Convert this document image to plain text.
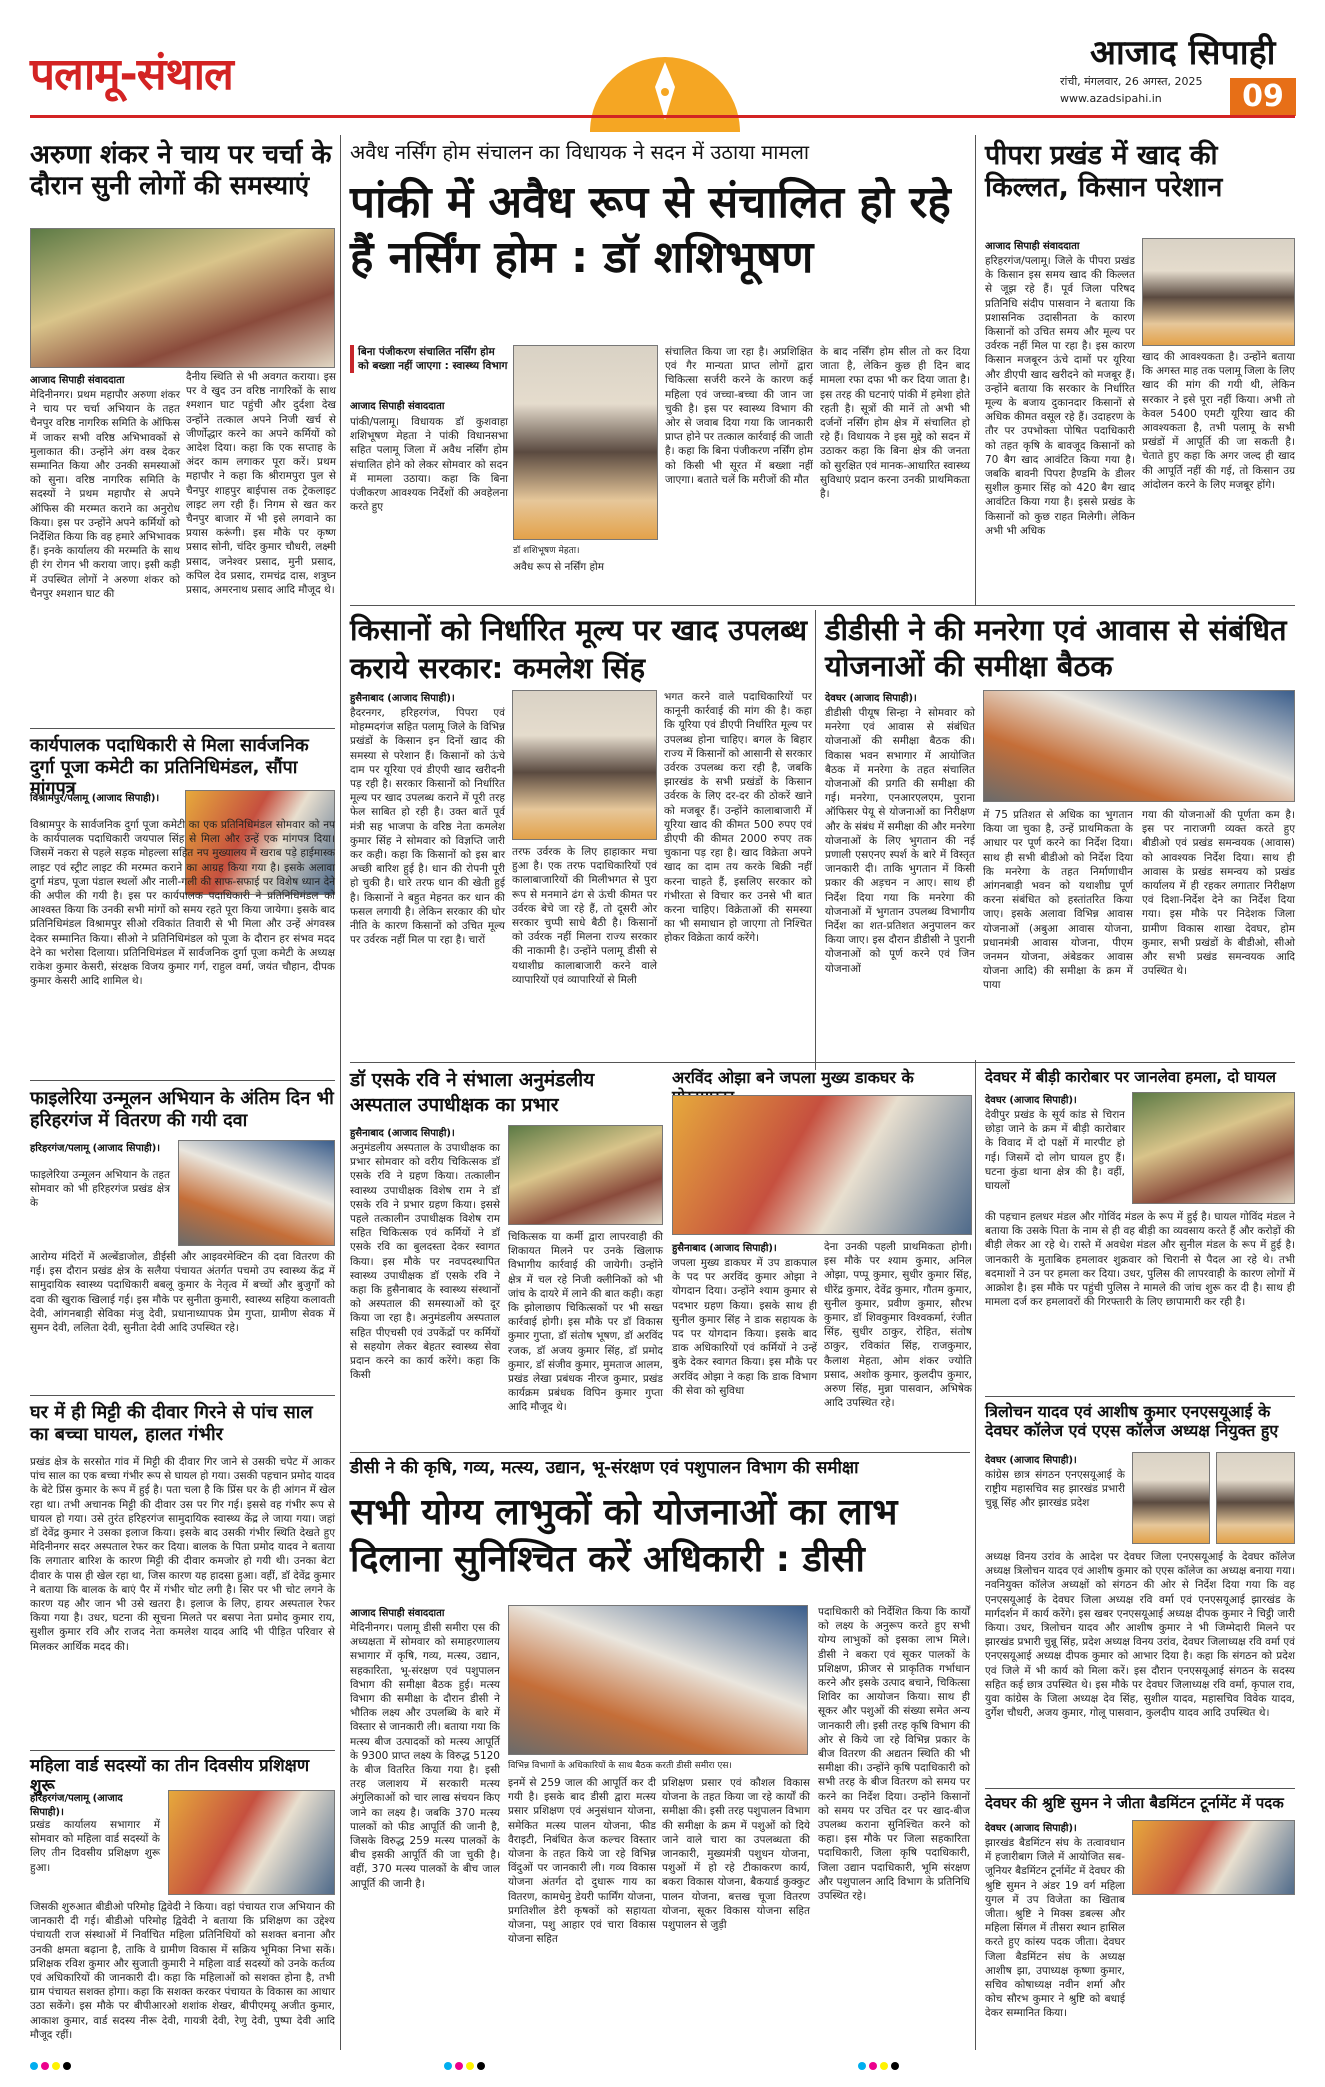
पलामू-संथाल	आजाद सिपाही
रांची, मंगलवार, 26 अगस्त, 2025
www.azadsipahi.in	09
अरुणा शंकर ने चाय पर चर्चा के दौरान सुनी लोगों की समस्याएं
आजाद सिपाही संवाददाता
मेदिनीनगर। प्रथम महापौर अरुणा शंकर ने चाय पर चर्चा अभियान के तहत चैनपुर वरिष्ठ नागरिक समिति के ऑफिस में जाकर सभी वरिष्ठ अभिभावकों से मुलाकात की। उन्होंने अंग वस्त्र देकर सम्मानित किया और उनकी समस्याओं को सुना। वरिष्ठ नागरिक समिति के सदस्यों ने प्रथम महापौर से अपने ऑफिस की मरम्मत कराने का अनुरोध किया। इस पर उन्होंने अपने कर्मियों को निर्देशित किया कि वह हमारे अभिभावक हैं। इनके कार्यालय की मरम्मति के साथ ही रंग रोगन भी कराया जाए। इसी कड़ी में उपस्थित लोगों ने अरुणा शंकर को चैनपुर श्मशान घाट की
दैनीय स्थिति से भी अवगत कराया। इस पर वे खुद उन वरिष्ठ नागरिकों के साथ श्मशान घाट पहुंची और दुर्दशा देख उन्होंने तत्काल अपने निजी खर्च से जीर्णोद्धार करने का अपने कर्मियों को आदेश दिया। कहा कि एक सप्ताह के अंदर काम लगाकर पूरा करें। प्रथम महापौर ने कहा कि श्रीरामपुरा पुल से चैनपुर शाहपुर बाईपास तक ट्रेकलाइट लाइट लग रही हैं। निगम से खत कर चैनपुर बाजार में भी इसे लगवाने का प्रयास करूंगी। इस मौके पर कृष्ण प्रसाद सोनी, चंदिर कुमार चौधरी, लक्ष्मी प्रसाद, जनेश्वर प्रसाद, मुनी प्रसाद, कपिल देव प्रसाद, रामचंद्र दास, शत्रुघ्न प्रसाद, अमरनाथ प्रसाद आदि मौजूद थे।
कार्यपालक पदाधिकारी से मिला सार्वजनिक दुर्गा पूजा कमेटी का प्रतिनिधिमंडल, सौंपा मांगपत्र
विश्रामपुर/पलामू (आजाद सिपाही)।
विश्रामपुर के सार्वजनिक दुर्गा पूजा कमेटी का एक प्रतिनिधिमंडल सोमवार को नप के कार्यपालक पदाधिकारी जयपाल सिंह से मिला और उन्हें एक मांगपत्र दिया। जिसमें नकरा से पहले सड़क मोहल्ला सहित नप मुख्यालय में खराब पड़े हाईमास्क लाइट एवं स्ट्रीट लाइट की मरम्मत कराने का आग्रह किया गया है। इसके अलावा दुर्गा मंडप, पूजा पंडाल स्थलों और नाली-गली की साफ-सफाई पर विशेष ध्यान देने की अपील की गयी है। इस पर कार्यपालक पदाधिकारी ने प्रतिनिधिमंडल को आश्वस्त किया कि उनकी सभी मांगों को समय रहते पूरा किया जायेगा। इसके बाद प्रतिनिधिमंडल विश्रामपुर सीओ रविकांत तिवारी से भी मिला और उन्हें अंगवस्त्र देकर सम्मानित किया। सीओ ने प्रतिनिधिमंडल को पूजा के दौरान हर संभव मदद देने का भरोसा दिलाया। प्रतिनिधिमंडल में सार्वजनिक दुर्गा पूजा कमेटी के अध्यक्ष राकेश कुमार केसरी, संरक्षक विजय कुमार गर्ग, राहुल वर्मा, जयंत चौहान, दीपक कुमार केसरी आदि शामिल थे।
फाइलेरिया उन्मूलन अभियान के अंतिम दिन भी हरिहरगंज में वितरण की गयी दवा
हरिहरगंज/पलामू (आजाद सिपाही)।
फाइलेरिया उन्मूलन अभियान के तहत सोमवार को भी हरिहरगंज प्रखंड क्षेत्र के
आरोग्य मंदिरों में अल्बेंडाजोल, डीईसी और आइवरमेक्टिन की दवा वितरण की गई। इस दौरान प्रखंड क्षेत्र के सलैया पंचायत अंतर्गत पचमो उप स्वास्थ्य केंद्र में सामुदायिक स्वास्थ्य पदाधिकारी बबलू कुमार के नेतृत्व में बच्चों और बुजुर्गों को दवा की खुराक खिलाई गई। इस मौके पर सुनीता कुमारी, स्वास्थ्य सहिया कलावती देवी, आंगनबाड़ी सेविका मंजु देवी, प्रधानाध्यापक प्रेम गुप्ता, ग्रामीण सेवक में सुमन देवी, ललिता देवी, सुनीता देवी आदि उपस्थित रहे।
घर में ही मिट्टी की दीवार गिरने से पांच साल का बच्चा घायल, हालत गंभीर
प्रखंड क्षेत्र के सरसोत गांव में मिट्टी की दीवार गिर जाने से उसकी चपेट में आकर पांच साल का एक बच्चा गंभीर रूप से घायल हो गया। उसकी पहचान प्रमोद यादव के बेटे प्रिंस कुमार के रूप में हुई है। पता चला है कि प्रिंस घर के ही आंगन में खेल रहा था। तभी अचानक मिट्टी की दीवार उस पर गिर गई। इससे वह गंभीर रूप से घायल हो गया। उसे तुरंत हरिहरगंज सामुदायिक स्वास्थ्य केंद्र ले जाया गया। जहां डॉ देवेंद्र कुमार ने उसका इलाज किया। इसके बाद उसकी गंभीर स्थिति देखते हुए मेदिनीनगर सदर अस्पताल रेफर कर दिया। बालक के पिता प्रमोद यादव ने बताया कि लगातार बारिश के कारण मिट्टी की दीवार कमजोर हो गयी थी। उनका बेटा दीवार के पास ही खेल रहा था, जिस कारण यह हादसा हुआ। वहीं, डॉ देवेंद्र कुमार ने बताया कि बालक के बाएं पैर में गंभीर चोट लगी है। सिर पर भी चोट लगने के कारण यह और जान भी उसे खतरा है। इलाज के लिए, हायर अस्पताल रेफर किया गया है। उधर, घटना की सूचना मिलते पर बसपा नेता प्रमोद कुमार राय, सुशील कुमार रवि और राजद नेता कमलेश यादव आदि भी पीड़ित परिवार से मिलकर आर्थिक मदद की।
महिला वार्ड सदस्यों का तीन दिवसीय प्रशिक्षण शुरू
हरिहरगंज/पलामू (आजाद सिपाही)।
प्रखंड कार्यालय सभागार में सोमवार को महिला वार्ड सदस्यों के लिए तीन दिवसीय प्रशिक्षण शुरू हुआ।
जिसकी शुरुआत बीडीओ परिमोह द्विवेदी ने किया। वहां पंचायत राज अभियान की जानकारी दी गई। बीडीओ परिमोह द्विवेदी ने बताया कि प्रशिक्षण का उद्देश्य पंचायती राज संस्थाओं में निर्वाचित महिला प्रतिनिधियों को सशक्त बनाना और उनकी क्षमता बढ़ाना है, ताकि वे ग्रामीण विकास में सक्रिय भूमिका निभा सकें। प्रशिक्षक रविश कुमार और सुजाती कुमारी ने महिला वार्ड सदस्यों को उनके कर्तव्य एवं अधिकारियों की जानकारी दी। कहा कि महिलाओं को सशक्त होना है, तभी ग्राम पंचायत सशक्त होगा। कहा कि सशक्त करकर पंचायत के विकास का आधार उठा सकेंगे। इस मौके पर बीपीआरओ शशांक शेखर, बीपीएमयू अजीत कुमार, आकाश कुमार, वार्ड सदस्य नीरू देवी, गायत्री देवी, रेणु देवी, पुष्पा देवी आदि मौजूद रहीं।
अवैध नर्सिंग होम संचालन का विधायक ने सदन में उठाया मामला
पांकी में अवैध रूप से संचालित हो रहे हैं नर्सिंग होम : डॉ शशिभूषण
बिना पंजीकरण संचालित नर्सिंग होम को बख्शा नहीं जाएगा : स्वास्थ्य विभाग
आजाद सिपाही संवाददाता
पांकी/पलामू। विधायक डॉ कुशवाहा शशिभूषण मेहता ने पांकी विधानसभा सहित पलामू जिला में अवैध नर्सिंग होम संचालित होने को लेकर सोमवार को सदन में मामला उठाया। कहा कि बिना पंजीकरण आवश्यक निर्देशों की अवहेलना करते हुए
डॉ शशिभूषण मेहता।
अवैध रूप से नर्सिंग होम
संचालित किया जा रहा है। अप्रशिक्षित एवं गैर मान्यता प्राप्त लोगों द्वारा चिकित्सा सर्जरी करने के कारण कई महिला एवं जच्चा-बच्चा की जान जा चुकी है। इस पर स्वास्थ्य विभाग की ओर से जवाब दिया गया कि जानकारी प्राप्त होने पर तत्काल कार्रवाई की जाती है। कहा कि बिना पंजीकरण नर्सिंग होम को किसी भी सूरत में बख्शा नहीं जाएगा। बताते चलें कि मरीजों की मौत
के बाद नर्सिंग होम सील तो कर दिया जाता है, लेकिन कुछ ही दिन बाद मामला रफा दफा भी कर दिया जाता है। इस तरह की घटनाएं पांकी में हमेशा होते रहती है। सूत्रों की मानें तो अभी भी दर्जनों नर्सिंग होम क्षेत्र में संचालित हो रहे हैं। विधायक ने इस मुद्दे को सदन में उठाकर कहा कि बिना क्षेत्र की जनता को सुरक्षित एवं मानक-आधारित स्वास्थ्य सुविधाएं प्रदान करना उनकी प्राथमिकता है।
पीपरा प्रखंड में खाद की किल्लत, किसान परेशान
आजाद सिपाही संवाददाता
हरिहरगंज/पलामू। जिले के पीपरा प्रखंड के किसान इस समय खाद की किल्लत से जूझ रहे हैं। पूर्व जिला परिषद प्रतिनिधि संदीप पासवान ने बताया कि प्रशासनिक उदासीनता के कारण किसानों को उचित समय और मूल्य पर उर्वरक नहीं मिल पा रहा है। इस कारण किसान मजबूरन ऊंचे दामों पर यूरिया और डीएपी खाद खरीदने को मजबूर हैं। उन्होंने बताया कि सरकार के निर्धारित मूल्य के बजाय दुकानदार किसानों से अधिक कीमत वसूल रहे हैं। उदाहरण के तौर पर उपभोक्ता पोषित पदाधिकारी को तहत कृषि के बावजूद किसानों को 70 बैग खाद आवंटित किया गया है। जबकि बावनी पिपरा हैण्डमि के डीलर सुशील कुमार सिंह को 420 बैग खाद आवंटित किया गया है। इससे प्रखंड के किसानों को कुछ राहत मिलेगी। लेकिन अभी भी अधिक
खाद की आवश्यकता है। उन्होंने बताया कि अगस्त माह तक पलामू जिला के लिए खाद की मांग की गयी थी, लेकिन सरकार ने इसे पूरा नहीं किया। अभी तो केवल 5400 एमटी यूरिया खाद की आवश्यकता है, तभी पलामू के सभी प्रखंडों में आपूर्ति की जा सकती है। चेताते हुए कहा कि अगर जल्द ही खाद की आपूर्ति नहीं की गई, तो किसान उग्र आंदोलन करने के लिए मजबूर होंगे।
किसानों को निर्धारित मूल्य पर खाद उपलब्ध कराये सरकार: कमलेश सिंह
हुसैनाबाद (आजाद सिपाही)।
हैदरनगर, हरिहरगंज, पिपरा एवं मोहम्मदगंज सहित पलामू जिले के विभिन्न प्रखंडों के किसान इन दिनों खाद की समस्या से परेशान हैं। किसानों को ऊंचे दाम पर यूरिया एवं डीएपी खाद खरीदनी पड़ रही है। सरकार किसानों को निर्धारित मूल्य पर खाद उपलब्ध कराने में पूरी तरह फेल साबित हो रही है। उक्त बातें पूर्व मंत्री सह भाजपा के वरिष्ठ नेता कमलेश कुमार सिंह ने सोमवार को विज्ञप्ति जारी कर कही। कहा कि किसानों को इस बार अच्छी बारिश हुई है। धान की रोपनी पूरी हो चुकी है। धारे तरफ धान की खेती हुई है। किसानों ने बहुत मेहनत कर धान की फसल लगायी है। लेकिन सरकार की घोर नीति के कारण किसानों को उचित मूल्य पर उर्वरक नहीं मिल पा रहा है। चारों
तरफ उर्वरक के लिए हाहाकार मचा हुआ है। एक तरफ पदाधिकारियों एवं कालाबाजारियों की मिलीभगत से पुरा रूप से मनमाने ढंग से ऊंची कीमत पर उर्वरक बेचे जा रहे हैं, तो दूसरी ओर सरकार चुप्पी साधे बैठी है। किसानों को उर्वरक नहीं मिलना राज्य सरकार की नाकामी है। उन्होंने पलामू डीसी से यथाशीघ्र कालाबाजारी करने वाले व्यापारियों एवं व्यापारियों से मिली
भगत करने वाले पदाधिकारियों पर कानूनी कार्रवाई की मांग की है। कहा कि यूरिया एवं डीएपी निर्धारित मूल्य पर उपलब्ध होना चाहिए। बगल के बिहार राज्य में किसानों को आसानी से सरकार उर्वरक उपलब्ध करा रही है, जबकि झारखंड के सभी प्रखंडों के किसान उर्वरक के लिए दर-दर की ठोकरें खाने को मजबूर हैं। उन्होंने कालाबाजारी में यूरिया खाद की कीमत 500 रुपए एवं डीएपी की कीमत 2000 रुपए तक चुकाना पड़ रहा है। खाद विक्रेता अपने खाद का दाम तय करके बिक्री नहीं करना चाहते हैं, इसलिए सरकार को गंभीरता से विचार कर उनसे भी बात करना चाहिए। विक्रेताओं की समस्या का भी समाधान हो जाएगा तो निश्चित होकर विक्रेता कार्य करेंगे।
डीडीसी ने की मनरेगा एवं आवास से संबंधित योजनाओं की समीक्षा बैठक
देवघर (आजाद सिपाही)।
डीडीसी पीयूष सिन्हा ने सोमवार को मनरेगा एवं आवास से संबंधित योजनाओं की समीक्षा बैठक की। विकास भवन सभागार में आयोजित बैठक में मनरेगा के तहत संचालित योजनाओं की प्रगति की समीक्षा की गई। मनरेगा, एनआरएलएम, पुराना ऑफिसर पेयू से योजनाओं का निरीक्षण और के संबंध में समीक्षा की और मनरेगा योजनाओं के लिए भुगतान की नई प्रणाली एसएनए स्पर्श के बारे में विस्तृत जानकारी दी। ताकि भुगतान में किसी प्रकार की अड़चन न आए। साथ ही निर्देश दिया गया कि मनरेगा की योजनाओं में भुगतान उपलब्ध विभागीय निर्देश का शत-प्रतिशत अनुपालन कर किया जाए। इस दौरान डीडीसी ने पुरानी योजनाओं को पूर्ण करने एवं जिन योजनाओं
में 75 प्रतिशत से अधिक का भुगतान किया जा चुका है, उन्हें प्राथमिकता के आधार पर पूर्ण करने का निर्देश दिया। साथ ही सभी बीडीओ को निर्देश दिया कि मनरेगा के तहत निर्माणाधीन आंगनबाड़ी भवन को यथाशीघ्र पूर्ण करना संबंधित को हस्तांतरित किया जाए। इसके अलावा विभिन्न आवास योजनाओं (अबुआ आवास योजना, प्रधानमंत्री आवास योजना, पीएम जनमन योजना, अंबेडकर आवास योजना आदि) की समीक्षा के क्रम में पाया
गया की योजनाओं की पूर्णता कम है। इस पर नाराजगी व्यक्त करते हुए बीडीओ एवं प्रखंड समन्वयक (आवास) को आवश्यक निर्देश दिया। साथ ही आवास के प्रखंड समन्वय को प्रखंड कार्यालय में ही रहकर लगातार निरीक्षण एवं दिशा-निर्देश देने का निर्देश दिया गया। इस मौके पर निदेशक जिला ग्रामीण विकास शाखा देवघर, होम कुमार, सभी प्रखंडों के बीडीओ, सीओ और सभी प्रखंड समन्वयक आदि उपस्थित थे।
डॉ एसके रवि ने संभाला अनुमंडलीय अस्पताल उपाधीक्षक का प्रभार
हुसैनाबाद (आजाद सिपाही)।
अनुमंडलीय अस्पताल के उपाधीक्षक का प्रभार सोमवार को वरीय चिकित्सक डॉ एसके रवि ने ग्रहण किया। तत्कालीन स्वास्थ्य उपाधीक्षक विशेष राम ने डॉ एसके रवि ने प्रभार ग्रहण किया। इससे पहले तत्कालीन उपाधीक्षक विशेष राम सहित चिकित्सक एवं कर्मियों ने डॉ एसके रवि का बुलदस्ता देकर स्वागत किया। इस मौके पर नवपदस्थापित स्वास्थ्य उपाधीक्षक डॉ एसके रवि ने कहा कि हुसैनाबाद के स्वास्थ्य संस्थानों को अस्पताल की समस्याओं को दूर किया जा रहा है। अनुमंडलीय अस्पताल सहित पीएचसी एवं उपकेंद्रों पर कर्मियों से सहयोग लेकर बेहतर स्वास्थ्य सेवा प्रदान करने का कार्य करेंगे। कहा कि किसी
चिकित्सक या कर्मी द्वारा लापरवाही की शिकायत मिलने पर उनके खिलाफ विभागीय कार्रवाई की जायेगी। उन्होंने क्षेत्र में चल रहे निजी क्लीनिकों को भी जांच के दायरे में लाने की बात कही। कहा कि झोलाछाप चिकित्सकों पर भी सख्त कार्रवाई होगी। इस मौके पर डॉ विकास कुमार गुप्ता, डॉ संतोष भूषण, डॉ अरविंद रजक, डॉ अजय कुमार सिंह, डॉ प्रमोद कुमार, डॉ संजीव कुमार, मुमताज आलम, प्रखंड लेखा प्रबंधक नीरज कुमार, प्रखंड कार्यक्रम प्रबंधक विपिन कुमार गुप्ता आदि मौजूद थे।
अरविंद ओझा बने जपला मुख्य डाकघर के
हुसैनाबाद (आजाद सिपाही)।
जपला मुख्य डाकघर में उप डाकपाल के पद पर अरविंद कुमार ओझा ने योगदान दिया। उन्होंने श्याम कुमार से पदभार ग्रहण किया। इसके साथ ही सुनील कुमार सिंह ने डाक सहायक के पद पर योगदान किया। इसके बाद डाक अधिकारियों एवं कर्मियों ने उन्हें बुके देकर स्वागत किया। इस मौके पर अरविंद ओझा ने कहा कि डाक विभाग की सेवा को सुविधा
देना उनकी पहली प्राथमिकता होगी। इस मौके पर श्याम कुमार, अनिल ओझा, पप्पू कुमार, सुधीर कुमार सिंह, धीरेंद्र कुमार, देवेंद्र कुमार, गौतम कुमार, सुनील कुमार, प्रवीण कुमार, सौरभ कुमार, डॉ शिवकुमार विश्वकर्मा, रंजीत सिंह, सुधीर ठाकुर, रोहित, संतोष ठाकुर, रविकांत सिंह, राजकुमार, कैलाश मेहता, ओम शंकर ज्योति प्रसाद, अशोक कुमार, कुलदीप कुमार, अरुण सिंह, मुन्ना पासवान, अभिषेक आदि उपस्थित रहे।
देवघर में बीड़ी कारोबार पर जानलेवा हमला, दो घायल
देवघर (आजाद सिपाही)।
देवीपुर प्रखंड के सूर्य कांड से चिरान छोड़ा जाने के क्रम में बीड़ी कारोबार के विवाद में दो पक्षों में मारपीट हो गई। जिसमें दो लोग घायल हुए हैं। घटना कुंडा थाना क्षेत्र की है। वहीं, घायलों
की पहचान हलधर मंडल और गोविंद मंडल के रूप में हुई है। घायल गोविंद मंडल ने बताया कि उसके पिता के नाम से ही वह बीड़ी का व्यवसाय करते हैं और करोड़ों की बीड़ी लेकर आ रहे थे। रास्ते में अवधेश मंडल और सुनील मंडल के रूप में हुई है। जानकारी के मुताबिक हमलावर शुक्रवार को चिरानी से पैदल आ रहे थे। तभी बदमाशों ने उन पर हमला कर दिया। उधर, पुलिस की लापरवाही के कारण लोगों में आक्रोश है। इस मौके पर पहुंची पुलिस ने मामले की जांच शुरू कर दी है। साथ ही मामला दर्ज कर हमलावरों की गिरफ्तारी के लिए छापामारी कर रही है।
त्रिलोचन यादव एवं आशीष कुमार एनएसयूआई के देवघर कॉलेज एवं एएस कॉलेज अध्यक्ष नियुक्त हुए
देवघर (आजाद सिपाही)।
कांग्रेस छात्र संगठन एनएसयूआई के राष्ट्रीय महासचिव सह झारखंड प्रभारी चुन्नू सिंह और झारखंड प्रदेश
अध्यक्ष विनय उरांव के आदेश पर देवघर जिला एनएसयूआई के देवघर कॉलेज अध्यक्ष त्रिलोचन यादव एवं आशीष कुमार को एएस कॉलेज का अध्यक्ष बनाया गया। नवनियुक्त कॉलेज अध्यक्षों को संगठन की ओर से निर्देश दिया गया कि वह एनएसयूआई के देवघर जिला अध्यक्ष रवि वर्मा एवं एनएसयूआई झारखंड के मार्गदर्शन में कार्य करेंगे। इस खबर एनएसयूआई अध्यक्ष दीपक कुमार ने चिट्ठी जारी किया। उधर, त्रिलोचन यादव और आशीष कुमार ने भी जिम्मेदारी मिलने पर झारखंड प्रभारी चुन्नू सिंह, प्रदेश अध्यक्ष विनय उरांव, देवघर जिलाध्यक्ष रवि वर्मा एवं एनएसयूआई अध्यक्ष दीपक कुमार को आभार दिया है। कहा कि संगठन को प्रदेश एवं जिले में भी कार्य को मिला करें। इस दौरान एनएसयूआई संगठन के सदस्य सहित कई छात्र उपस्थित थे। इस मौके पर देवघर जिलाध्यक्ष रवि वर्मा, कृपाल राव, युवा कांग्रेस के जिला अध्यक्ष देव सिंह, सुशील यादव, महासचिव विवेक यादव, दुर्गेश चौधरी, अजय कुमार, गोलू पासवान, कुलदीप यादव आदि उपस्थित थे।
देवघर की श्रुष्टि सुमन ने जीता बैडमिंटन टूर्नामेंट में पदक
देवघर (आजाद सिपाही)।
झारखंड बैडमिंटन संघ के तत्वावधान में हजारीबाग जिले में आयोजित सब-जूनियर बैडमिंटन टूर्नामेंट में देवघर की श्रुष्टि सुमन ने अंडर 19 वर्ग महिला युगल में उप विजेता का खिताब जीता। श्रुष्टि ने मिक्स डबल्स और महिला सिंगल में तीसरा स्थान हासिल करते हुए कांस्य पदक जीता। देवघर जिला बैडमिंटन संघ के अध्यक्ष आशीष झा, उपाध्यक्ष कृष्णा कुमार, सचिव कोषाध्यक्ष नवीन शर्मा और कोच सौरभ कुमार ने श्रुष्टि को बधाई देकर सम्मानित किया।
डीसी ने की कृषि, गव्य, मत्स्य, उद्यान, भू-संरक्षण एवं पशुपालन विभाग की समीक्षा
सभी योग्य लाभुकों को योजनाओं का लाभ दिलाना सुनिश्चित करें अधिकारी : डीसी
आजाद सिपाही संवाददाता
मेदिनीनगर। पलामू डीसी समीरा एस की अध्यक्षता में सोमवार को समाहरणालय सभागार में कृषि, गव्य, मत्स्य, उद्यान, सहकारिता, भू-संरक्षण एवं पशुपालन विभाग की समीक्षा बैठक हुई। मत्स्य विभाग की समीक्षा के दौरान डीसी ने भौतिक लक्ष्य और उपलब्धि के बारे में विस्तार से जानकारी ली। बताया गया कि मत्स्य बीज उत्पादकों को मत्स्य आपूर्ति के 9300 प्राप्त लक्ष्य के विरुद्ध 5120 के बीज वितरित किया गया है। इसी तरह जलाशय में सरकारी मत्स्य अंगुलिकाओं को चार लाख संचयन किए जाने का लक्ष्य है। जबकि 370 मत्स्य पालकों को फीड आपूर्ति की जानी है, जिसके विरुद्ध 259 मत्स्य पालकों के बीच इसकी आपूर्ति की जा चुकी है। वहीं, 370 मत्स्य पालकों के बीच जाल आपूर्ति की जानी है।
विभिन्न विभागों के अधिकारियों के साथ बैठक करती डीसी समीरा एस।
इनमें से 259 जाल की आपूर्ति कर दी गयी है। इसके बाद डीसी द्वारा मत्स्य प्रसार प्रशिक्षण एवं अनुसंधान योजना, समेकित मत्स्य पालन योजना, फीड वैराइटी, निबंधित केज कल्चर विस्तार योजना के तहत किये जा रहे विभिन्न विंदुओं पर जानकारी ली। गव्य विकास योजना अंतर्गत दो दुधारू गाय का वितरण, कामधेनु डेयरी फार्मिंग योजना, प्रगतिशील डेरी कृषकों को सहायता योजना, पशु आहार एवं चारा विकास योजना सहित
प्रशिक्षण प्रसार एवं कौशल विकास योजना के तहत किया जा रहे कार्यों की समीक्षा की। इसी तरह पशुपालन विभाग की समीक्षा के क्रम में पशुओं को दिये जाने वाले चारा का उपलब्धता की जानकारी, मुख्यमंत्री पशुधन योजना, पशुओं में हो रहे टीकाकरण कार्य, बकरा विकास योजना, बैकयार्ड कुक्कुट पालन योजना, बत्तख चूजा वितरण योजना, सूकर विकास योजना सहित पशुपालन से जुड़ी
पदाधिकारी को निर्देशित किया कि कार्यों को लक्ष्य के अनुरूप करते हुए सभी योग्य लाभुकों को इसका लाभ मिले। डीसी ने बकरा एवं सूकर पालकों के प्रशिक्षण, फ्रीजर से प्राकृतिक गर्भाधान करने और इसके उत्पाद बचाने, चिकित्सा शिविर का आयोजन किया। साथ ही सूकर और पशुओं की संख्या समेत अन्य जानकारी ली। इसी तरह कृषि विभाग की ओर से किये जा रहे विभिन्न प्रकार के बीज वितरण की अद्यतन स्थिति की भी समीक्षा की। उन्होंने कृषि पदाधिकारी को सभी तरह के बीज वितरण को समय पर करने का निर्देश दिया। उन्होंने किसानों को समय पर उचित दर पर खाद-बीज उपलब्ध कराना सुनिश्चित करने को कहा। इस मौके पर जिला सहकारिता पदाधिकारी, जिला कृषि पदाधिकारी, जिला उद्यान पदाधिकारी, भूमि संरक्षण और पशुपालन आदि विभाग के प्रतिनिधि उपस्थित रहे।
